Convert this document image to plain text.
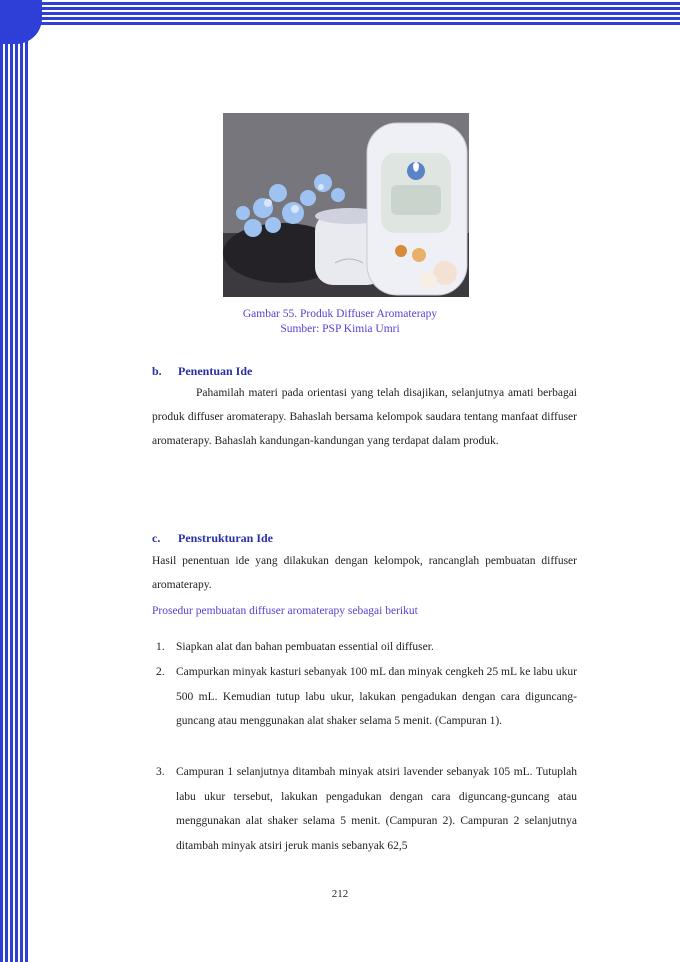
Gambar 55. Produk Diffuser Aromaterapy
Sumber: PSP Kimia Umri
b. Penentuan Ide
Pahamilah materi pada orientasi yang telah disajikan, selanjutnya amati berbagai produk diffuser aromaterapy. Bahaslah bersama kelompok saudara tentang manfaat diffuser aromaterapy. Bahaslah kandungan-kandungan yang terdapat dalam produk.
c. Penstrukturan Ide
Hasil penentuan ide yang dilakukan dengan kelompok, rancanglah pembuatan diffuser aromaterapy.
Prosedur pembuatan diffuser aromaterapy sebagai berikut
1. Siapkan alat dan bahan pembuatan essential oil diffuser.
2. Campurkan minyak kasturi sebanyak 100 mL dan minyak cengkeh 25 mL ke labu ukur 500 mL. Kemudian tutup labu ukur, lakukan pengadukan dengan cara diguncang-guncang atau menggunakan alat shaker selama 5 menit. (Campuran 1).
3. Campuran 1 selanjutnya ditambah minyak atsiri lavender sebanyak 105 mL. Tutuplah labu ukur tersebut, lakukan pengadukan dengan cara diguncang-guncang atau menggunakan alat shaker selama 5 menit. (Campuran 2). Campuran 2 selanjutnya ditambah minyak atsiri jeruk manis sebanyak 62,5
212
